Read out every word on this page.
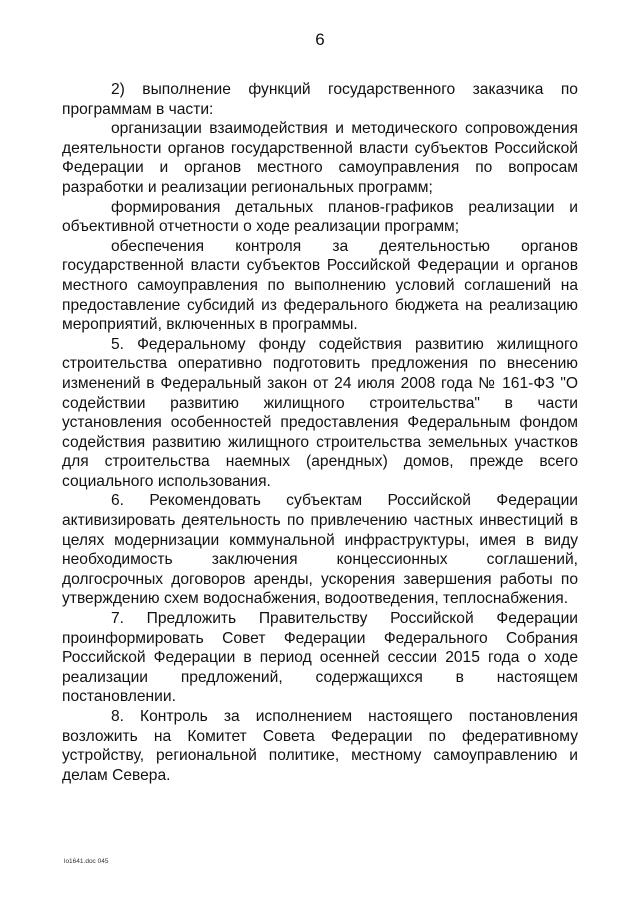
6

2) выполнение функций государственного заказчика по программам в части:

организации взаимодействия и методического сопровождения деятельности органов государственной власти субъектов Российской Федерации и органов местного самоуправления по вопросам разработки и реализации региональных программ;

формирования детальных планов-графиков реализации и объективной отчетности о ходе реализации программ;

обеспечения контроля за деятельностью органов государственной власти субъектов Российской Федерации и органов местного самоуправления по выполнению условий соглашений на предоставление субсидий из федерального бюджета на реализацию мероприятий, включенных в программы.

5. Федеральному фонду содействия развитию жилищного строительства оперативно подготовить предложения по внесению изменений в Федеральный закон от 24 июля 2008 года № 161-ФЗ "О содействии развитию жилищного строительства" в части установления особенностей предоставления Федеральным фондом содействия развитию жилищного строительства земельных участков для строительства наемных (арендных) домов, прежде всего социального использования.

6. Рекомендовать субъектам Российской Федерации активизировать деятельность по привлечению частных инвестиций в целях модернизации коммунальной инфраструктуры, имея в виду необходимость заключения концессионных соглашений, долгосрочных договоров аренды, ускорения завершения работы по утверждению схем водоснабжения, водоотведения, теплоснабжения.

7. Предложить Правительству Российской Федерации проинформировать Совет Федерации Федерального Собрания Российской Федерации в период осенней сессии 2015 года о ходе реализации предложений, содержащихся в настоящем постановлении.

8. Контроль за исполнением настоящего постановления возложить на Комитет Совета Федерации по федеративному устройству, региональной политике, местному самоуправлению и делам Севера.

lo1641.doc 045
